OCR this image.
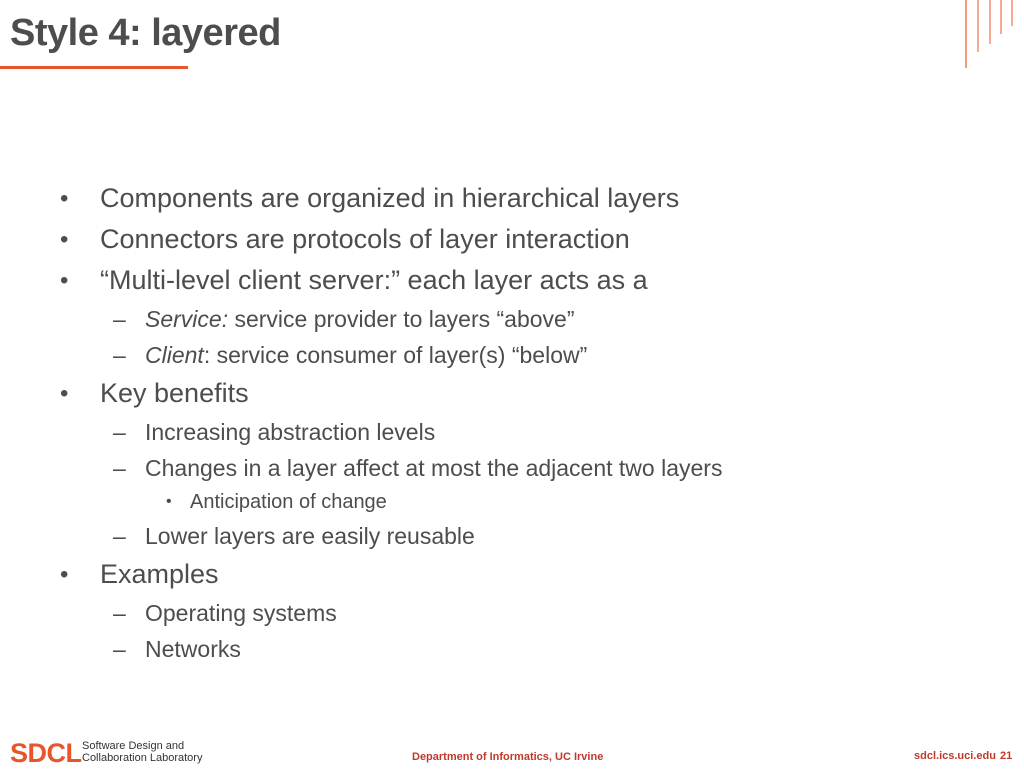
Style 4: layered
• Components are organized in hierarchical layers
• Connectors are protocols of layer interaction
• “Multi-level client server:” each layer acts as a
– Service: service provider to layers “above”
– Client: service consumer of layer(s) “below”
• Key benefits
– Increasing abstraction levels
– Changes in a layer affect at most the adjacent two layers
• Anticipation of change
– Lower layers are easily reusable
• Examples
– Operating systems
– Networks
SDCL Software Design and
Collaboration Laboratory	Department of Informatics, UC Irvine	sdcl.ics.uci.edu 21
